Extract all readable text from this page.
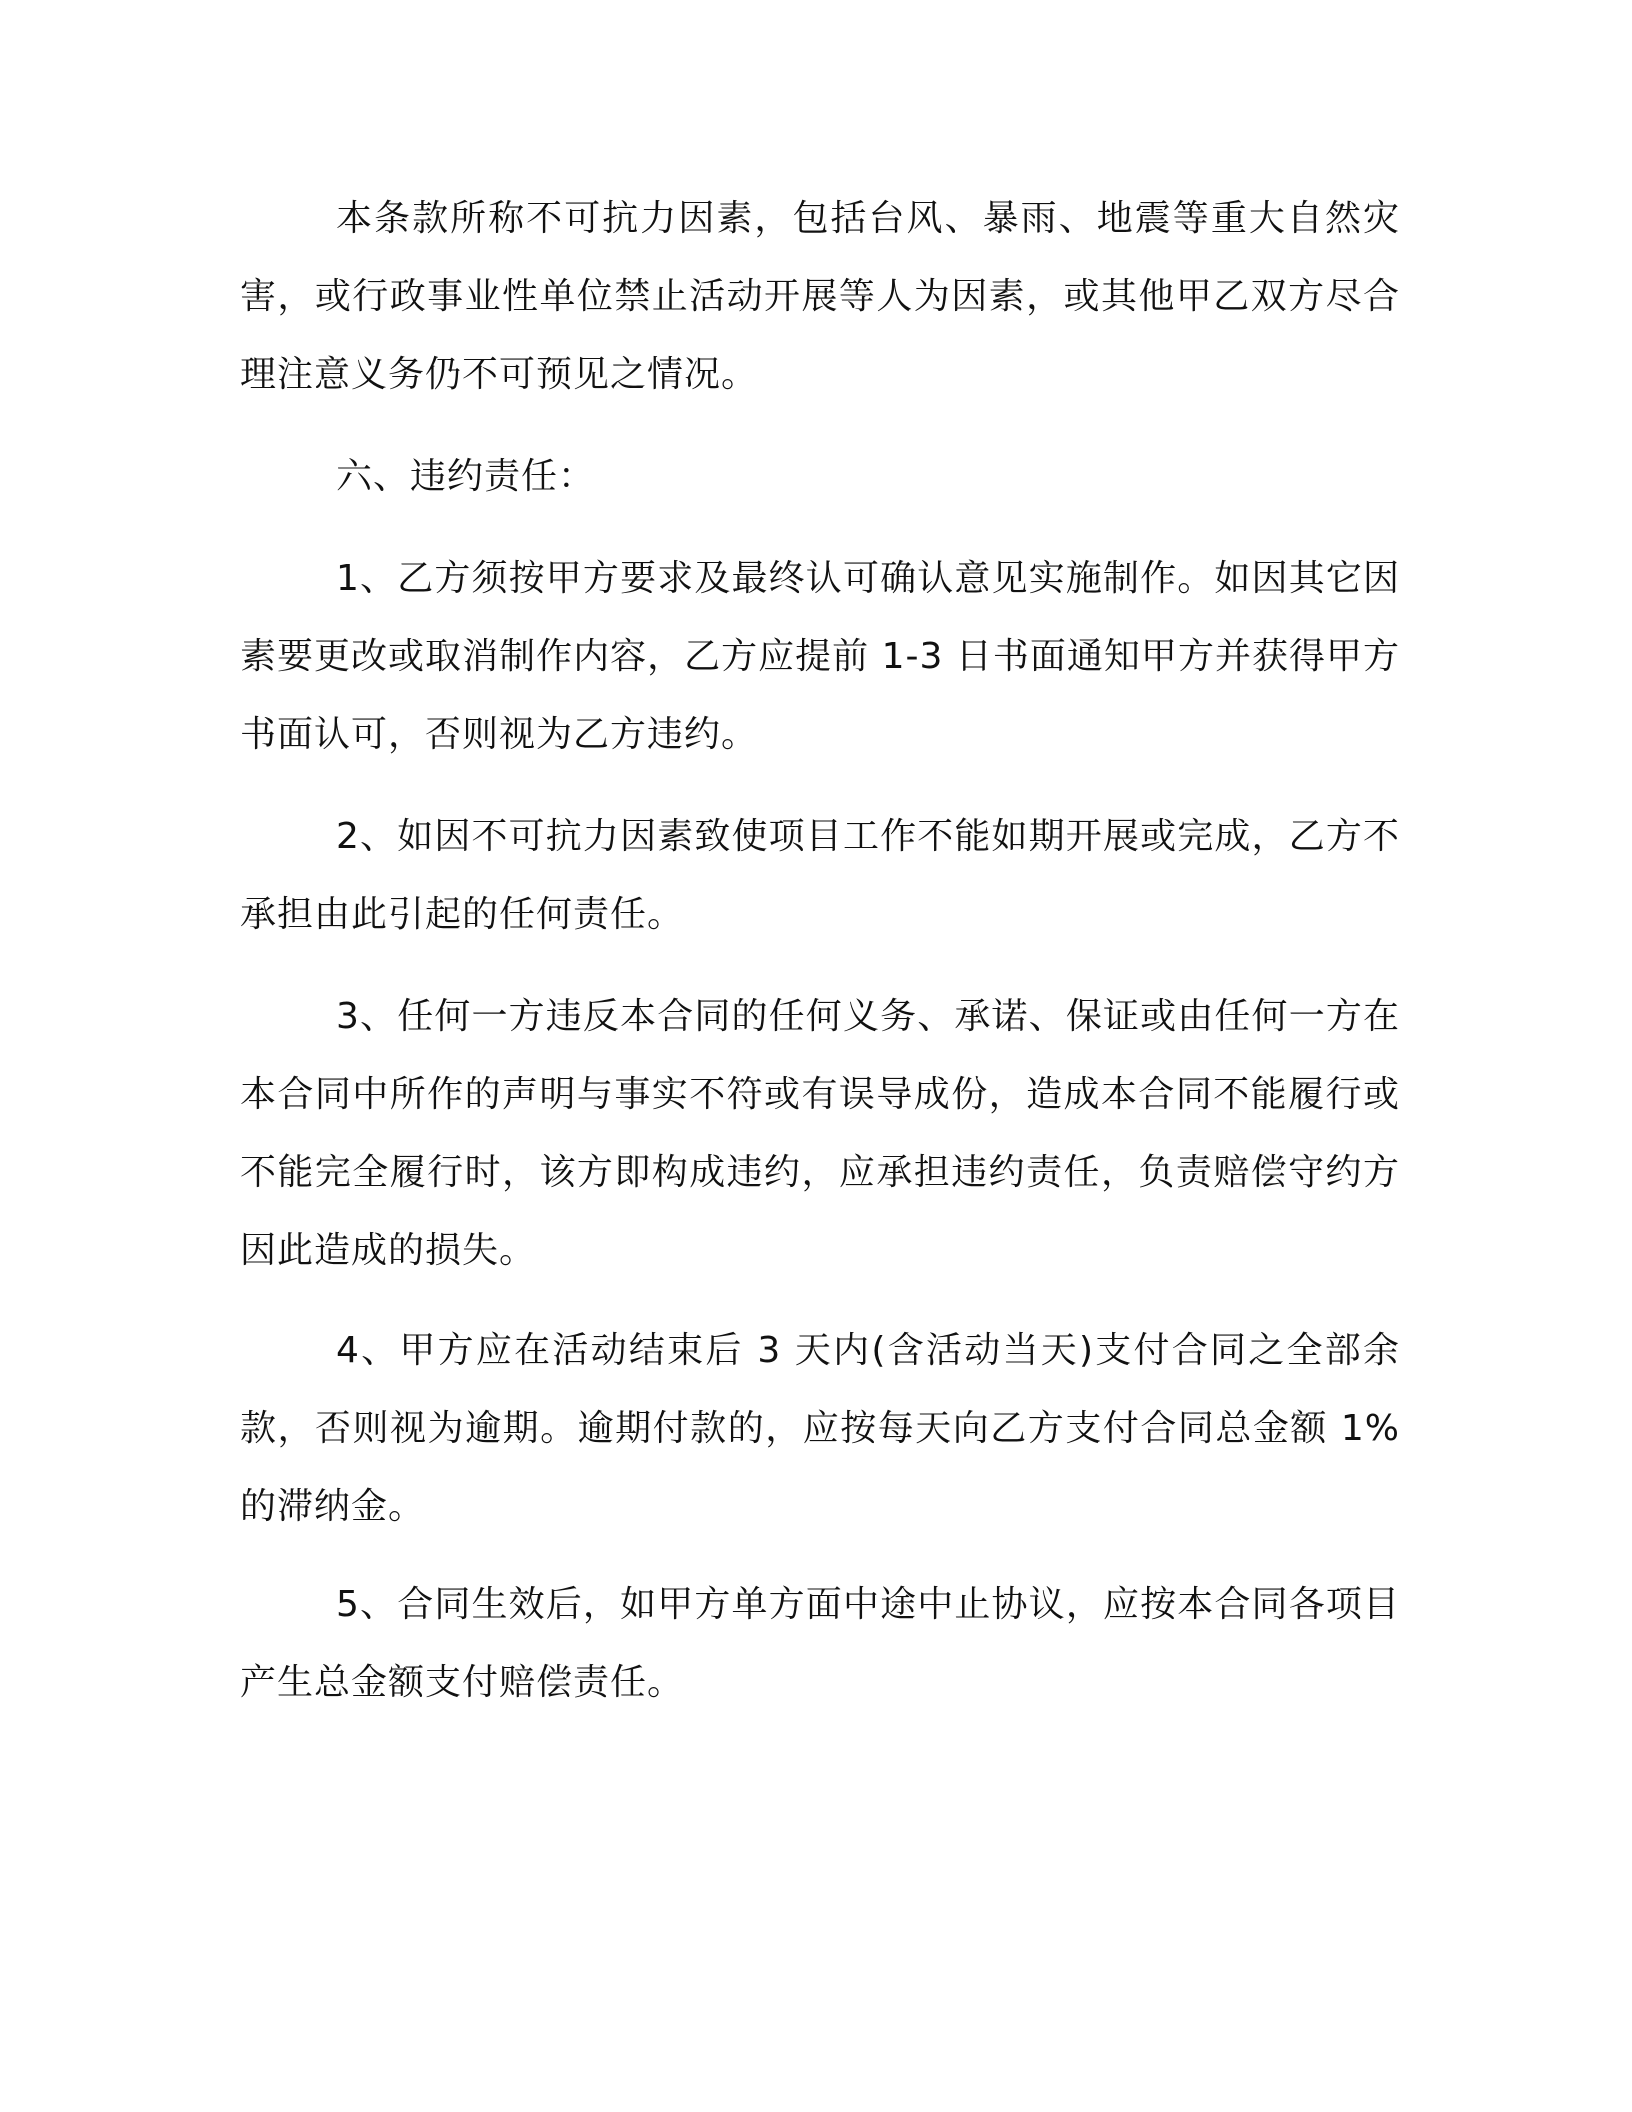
本条款所称不可抗力因素，包括台风、暴雨、地震等重大自然灾害，或行政事业性单位禁止活动开展等人为因素，或其他甲乙双方尽合理注意义务仍不可预见之情况。

六、违约责任：

1、乙方须按甲方要求及最终认可确认意见实施制作。如因其它因素要更改或取消制作内容，乙方应提前 1-3 日书面通知甲方并获得甲方书面认可，否则视为乙方违约。

2、如因不可抗力因素致使项目工作不能如期开展或完成，乙方不承担由此引起的任何责任。

3、任何一方违反本合同的任何义务、承诺、保证或由任何一方在本合同中所作的声明与事实不符或有误导成份，造成本合同不能履行或不能完全履行时，该方即构成违约，应承担违约责任，负责赔偿守约方因此造成的损失。

4、甲方应在活动结束后 3 天内(含活动当天)支付合同之全部余款，否则视为逾期。逾期付款的，应按每天向乙方支付合同总金额 1%的滞纳金。

5、合同生效后，如甲方单方面中途中止协议，应按本合同各项目产生总金额支付赔偿责任。
